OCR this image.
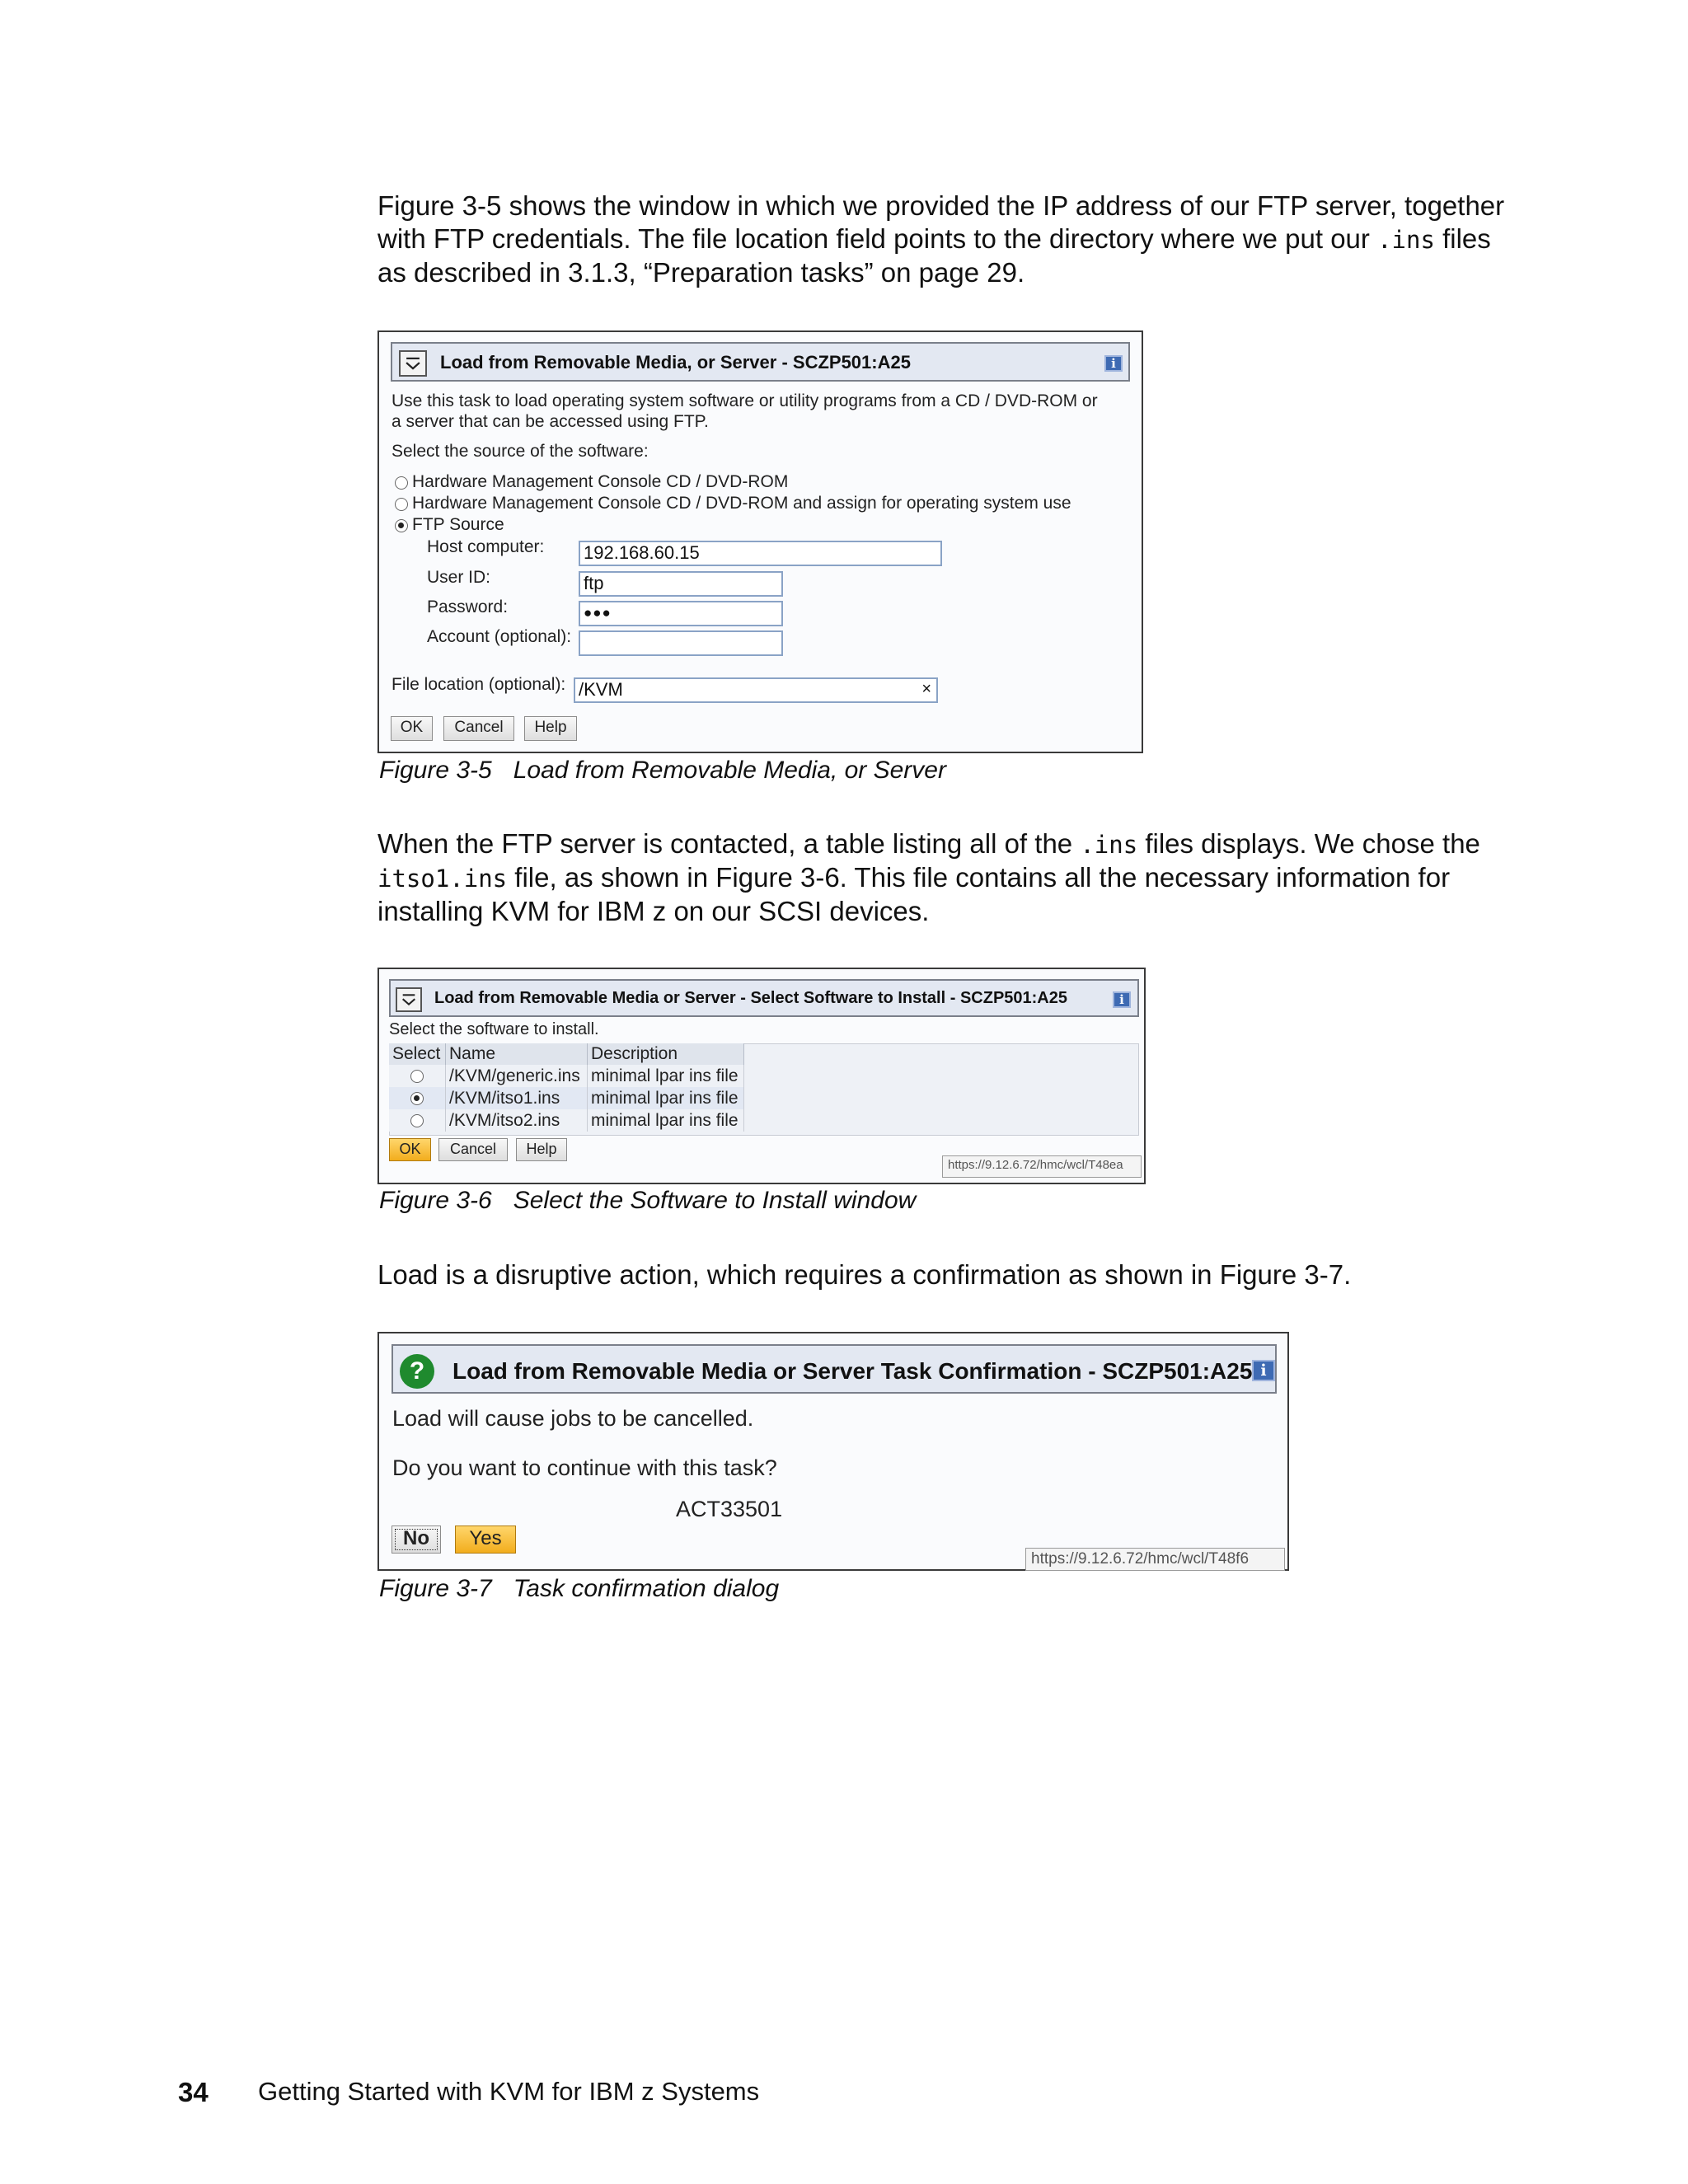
Figure 3-5 shows the window in which we provided the IP address of our FTP server, together
with FTP credentials. The file location field points to the directory where we put our .ins files
as described in 3.1.3, “Preparation tasks” on page 29.

Load from Removable Media, or Server - SCZP501:A25	i
Use this task to load operating system software or utility programs from a CD / DVD-ROM or
a server that can be accessed using FTP.
Select the source of the software:
Hardware Management Console CD / DVD-ROM
Hardware Management Console CD / DVD-ROM and assign for operating system use
FTP Source
Host computer: 192.168.60.15
User ID:	ftp
Password:	●●●
Account (optional):
File location (optional): /KVM	×
OK	Cancel	Help
Figure 3-5 Load from Removable Media, or Server

When the FTP server is contacted, a table listing all of the .ins files displays. We chose the
itso1.ins file, as shown in Figure 3-6. This file contains all the necessary information for
installing KVM for IBM z on our SCSI devices.

Load from Removable Media or Server - Select Software to Install - SCZP501:A25	i
Select the software to install.
Select	Name	Description
	/KVM/generic.ins	minimal lpar ins file
	/KVM/itso1.ins	minimal lpar ins file
	/KVM/itso2.ins	minimal lpar ins file
OK	Cancel	Help
https://9.12.6.72/hmc/wcl/T48ea
Figure 3-6 Select the Software to Install window

Load is a disruptive action, which requires a confirmation as shown in Figure 3-7.

?	Load from Removable Media or Server Task Confirmation - SCZP501:A25 i
Load will cause jobs to be cancelled.
Do you want to continue with this task?
ACT33501
No	Yes
https://9.12.6.72/hmc/wcl/T48f6
Figure 3-7 Task confirmation dialog
34 Getting Started with KVM for IBM z Systems
